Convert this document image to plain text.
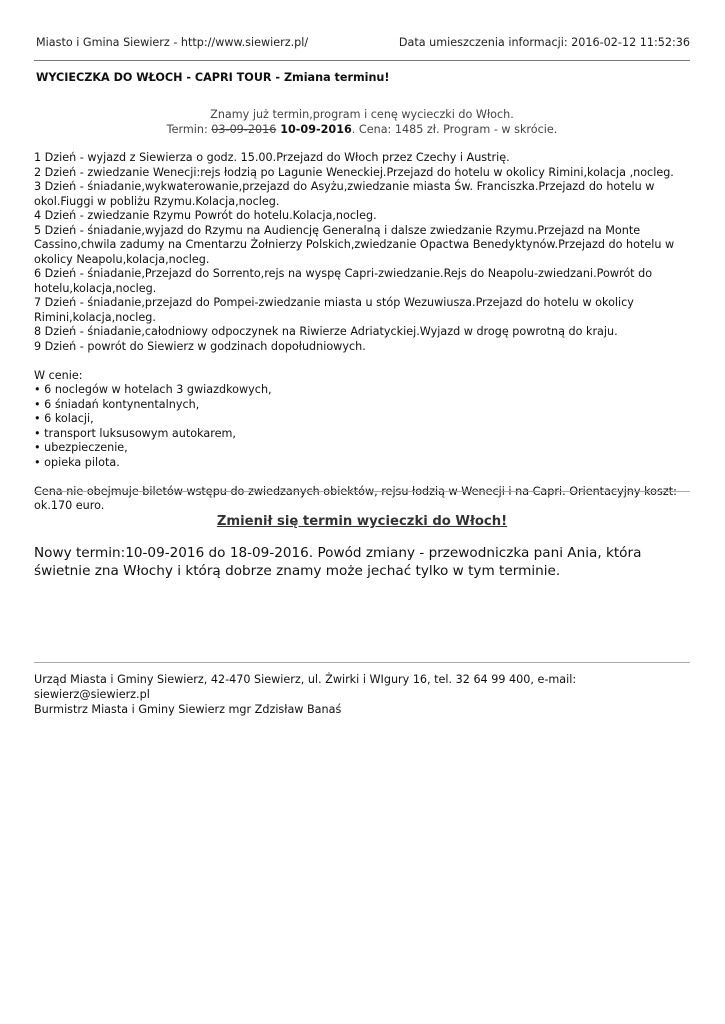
Miasto i Gmina Siewierz - http://www.siewierz.pl/	Data umieszczenia informacji: 2016-02-12 11:52:36
WYCIECZKA DO WŁOCH - CAPRI TOUR - Zmiana terminu!
Znamy już termin,program i cenę wycieczki do Włoch.
Termin: 03-09-2016 10-09-2016. Cena: 1485 zł. Program - w skrócie.

1 Dzień - wyjazd z Siewierza o godz. 15.00.Przejazd do Włoch przez Czechy i Austrię.

2 Dzień - zwiedzanie Wenecji:rejs łodzią po Lagunie Weneckiej.Przejazd do hotelu w okolicy Rimini,kolacja ,nocleg.

3 Dzień - śniadanie,wykwaterowanie,przejazd do Asyżu,zwiedzanie miasta Św. Franciszka.Przejazd do hotelu w okol.Fiuggi w pobliżu Rzymu.Kolacja,nocleg.

4 Dzień - zwiedzanie Rzymu Powrót do hotelu.Kolacja,nocleg.

5 Dzień - śniadanie,wyjazd do Rzymu na Audiencję Generalną i dalsze zwiedzanie Rzymu.Przejazd na Monte Cassino,chwila zadumy na Cmentarzu Żołnierzy Polskich,zwiedzanie Opactwa Benedyktynów.Przejazd do hotelu w okolicy Neapolu,kolacja,nocleg.

6 Dzień - śniadanie,Przejazd do Sorrento,rejs na wyspę Capri-zwiedzanie.Rejs do Neapolu-zwiedzani.Powrót do hotelu,kolacja,nocleg.

7 Dzień - śniadanie,przejazd do Pompei-zwiedzanie miasta u stóp Wezuwiusza.Przejazd do hotelu w okolicy Rimini,kolacja,nocleg.

8 Dzień - śniadanie,całodniowy odpoczynek na Riwierze Adriatyckiej.Wyjazd w drogę powrotną do kraju.

9 Dzień - powrót do Siewierz w godzinach dopołudniowych.

W cenie:

• 6 noclegów w hotelach 3 gwiazdkowych,

• 6 śniadań kontynentalnych,

• 6 kolacji,

• transport luksusowym autokarem,

• ubezpieczenie,

• opieka pilota.

Cena nie obejmuje biletów wstępu do zwiedzanych obiektów, rejsu łodzią w Wenecji i na Capri. Orientacyjny koszt: ok.170 euro.

Zmienił się termin wycieczki do Włoch!
Nowy termin:10-09-2016 do 18-09-2016. Powód zmiany - przewodniczka pani Ania, która świetnie zna Włochy i którą dobrze znamy może jechać tylko w tym terminie.

Urząd Miasta i Gminy Siewierz, 42-470 Siewierz, ul. Żwirki i WIgury 16, tel. 32 64 99 400, e-mail: siewierz@siewierz.pl

Burmistrz Miasta i Gminy Siewierz mgr Zdzisław Banaś
